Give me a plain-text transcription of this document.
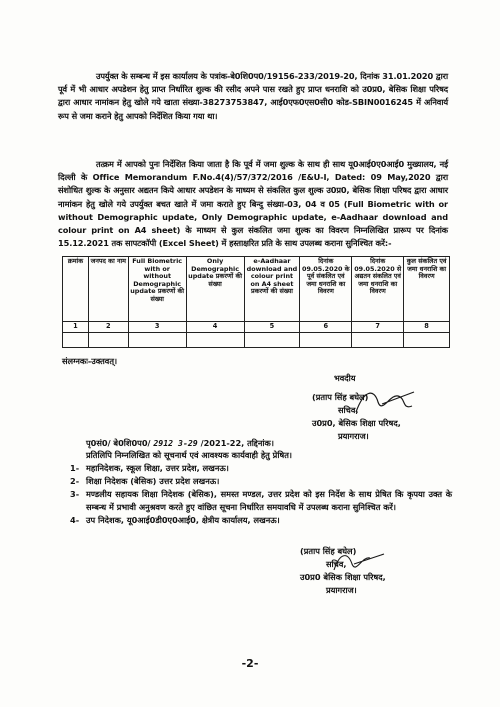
उपर्युक्त के सम्बन्ध में इस कार्यालय के पत्रांक-बे0शि0प0/19156-233/2019-20, दिनांक 31.01.2020 द्वारा पूर्व में भी आधार अपडेशन हेतु प्राप्त निर्धारित शुल्क की रसीद अपने पास रखते हुए प्राप्त धनराशि को उ0प्र0, बेसिक शिक्षा परिषद द्वारा आधार नामांकन हेतु खोले गये खाता संख्या-38273753847, आई0एफ0एस0सी0 कोड-SBIN0016245 में अनिवार्य रूप से जमा कराने हेतु आपको निर्देशित किया गया था।
तत्क्रम में आपको पुनः निर्देशित किया जाता है कि पूर्व में जमा शुल्क के साथ ही साथ यू0आई0ए0आई0 मुख्यालय, नई दिल्ली के Office Memorandum F.No.4(4)/57/372/2016 /E&U-I, Dated: 09 May,2020 द्वारा संशोधित शुल्क के अनुसार अद्यतन किये आधार अपडेशन के माध्यम से संकलित कुल शुल्क उ0प्र0, बेसिक शिक्षा परिषद द्वारा आधार नामांकन हेतु खोले गये उपर्युक्त बचत खाते में जमा कराते हुए बिन्दु संख्या-03, 04 व 05 (Full Biometric with or without Demographic update, Only Demographic update, e-Aadhaar download and colour print on A4 sheet) के माध्यम से कुल संकलित जमा शुल्क का विवरण निम्नलिखित प्रारूप पर दिनांक 15.12.2021 तक सापटकॉपी (Excel Sheet) में हस्ताक्षरित प्रति के साथ उपलब्ध कराना सुनिश्चित करें:-
क्रमांक	जनपद का नाम	Full Biometric with or without Demographic update प्रकरणों की संख्या	Only Demographic update प्रकरणों की संख्या	e-Aadhaar download and colour print on A4 sheet प्रकरणों की संख्या	दिनांक 09.05.2020 के पूर्व संकलित एवं जमा धनराशि का विवरण	दिनांक 09.05.2020 से अद्यतन संकलित एवं जमा धनराशि का विवरण	कुल संकलित एवं जमा धनराशि का विवरण
1	2	3	4	5	6	7	8

संलग्नकः-उक्तवत्।
भवदीय
(प्रताप सिंह बघेल)
सचिव,
उ0प्र0, बेसिक शिक्षा परिषद,
प्रयागराज।
पृ0सं0/ बे0शि0प0/ 2912 3-29 /2021-22, तद्दिनांक।
प्रतिलिपि निम्नलिखित को सूचनार्थ एवं आवश्यक कार्यवाही हेतु प्रेषित।
1- महानिदेशक, स्कूल शिक्षा, उत्तर प्रदेश, लखनऊ।
2- शिक्षा निदेशक (बेसिक) उत्तर प्रदेश लखनऊ।
3- मण्डलीय सहायक शिक्षा निदेशक (बेसिक), समस्त मण्डल, उत्तर प्रदेश को इस निर्देश के साथ प्रेषित कि कृपया उक्त के सम्बन्ध में प्रभावी अनुश्रवण करते हुए वांछित सूचना निर्धारित समयावधि में उपलब्ध कराना सुनिश्चित करें।
4- उप निदेशक, यू0आई0डी0ए0आई0, क्षेत्रीय कार्यालय, लखनऊ।
(प्रताप सिंह बघेल)
सचिव,
उ0प्र0 बेसिक शिक्षा परिषद,
प्रयागराज।
-2-
